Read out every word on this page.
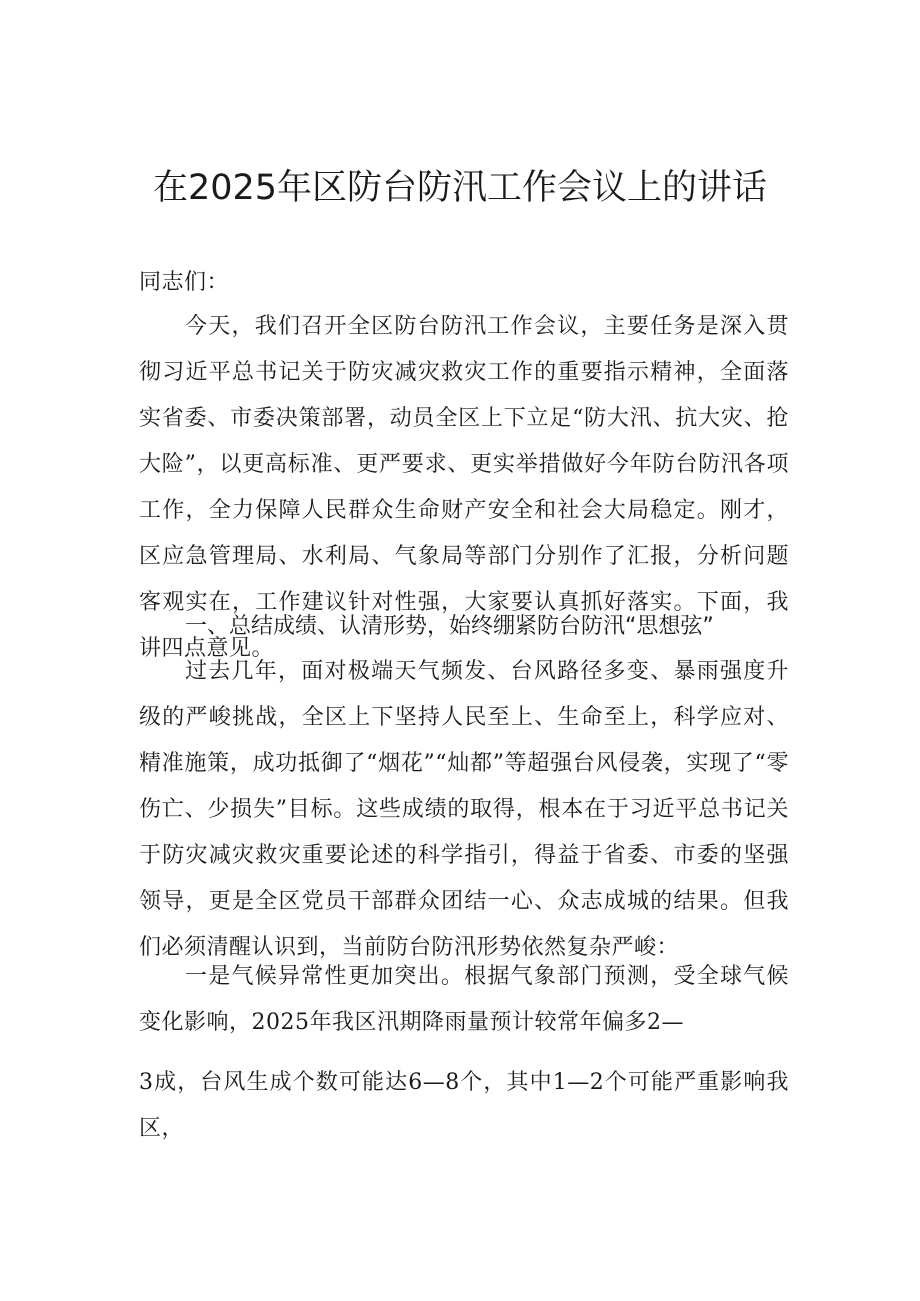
在2025年区防台防汛工作会议上的讲话

同志们：

今天，我们召开全区防台防汛工作会议，主要任务是深入贯彻习近平总书记关于防灾减灾救灾工作的重要指示精神，全面落实省委、市委决策部署，动员全区上下立足“防大汛、抗大灾、抢大险”，以更高标准、更严要求、更实举措做好今年防台防汛各项工作，全力保障人民群众生命财产安全和社会大局稳定。刚才，区应急管理局、水利局、气象局等部门分别作了汇报，分析问题客观实在，工作建议针对性强，大家要认真抓好落实。下面，我讲四点意见。

一、总结成绩、认清形势，始终绷紧防台防汛“思想弦”

过去几年，面对极端天气频发、台风路径多变、暴雨强度升级的严峻挑战，全区上下坚持人民至上、生命至上，科学应对、精准施策，成功抵御了“烟花”“灿都”等超强台风侵袭，实现了“零伤亡、少损失”目标。这些成绩的取得，根本在于习近平总书记关于防灾减灾救灾重要论述的科学指引，得益于省委、市委的坚强领导，更是全区党员干部群众团结一心、众志成城的结果。但我们必须清醒认识到，当前防台防汛形势依然复杂严峻：

一是气候异常性更加突出。根据气象部门预测，受全球气候变化影响，2025年我区汛期降雨量预计较常年偏多2—

3成，台风生成个数可能达6—8个，其中1—2个可能严重影响我区，
